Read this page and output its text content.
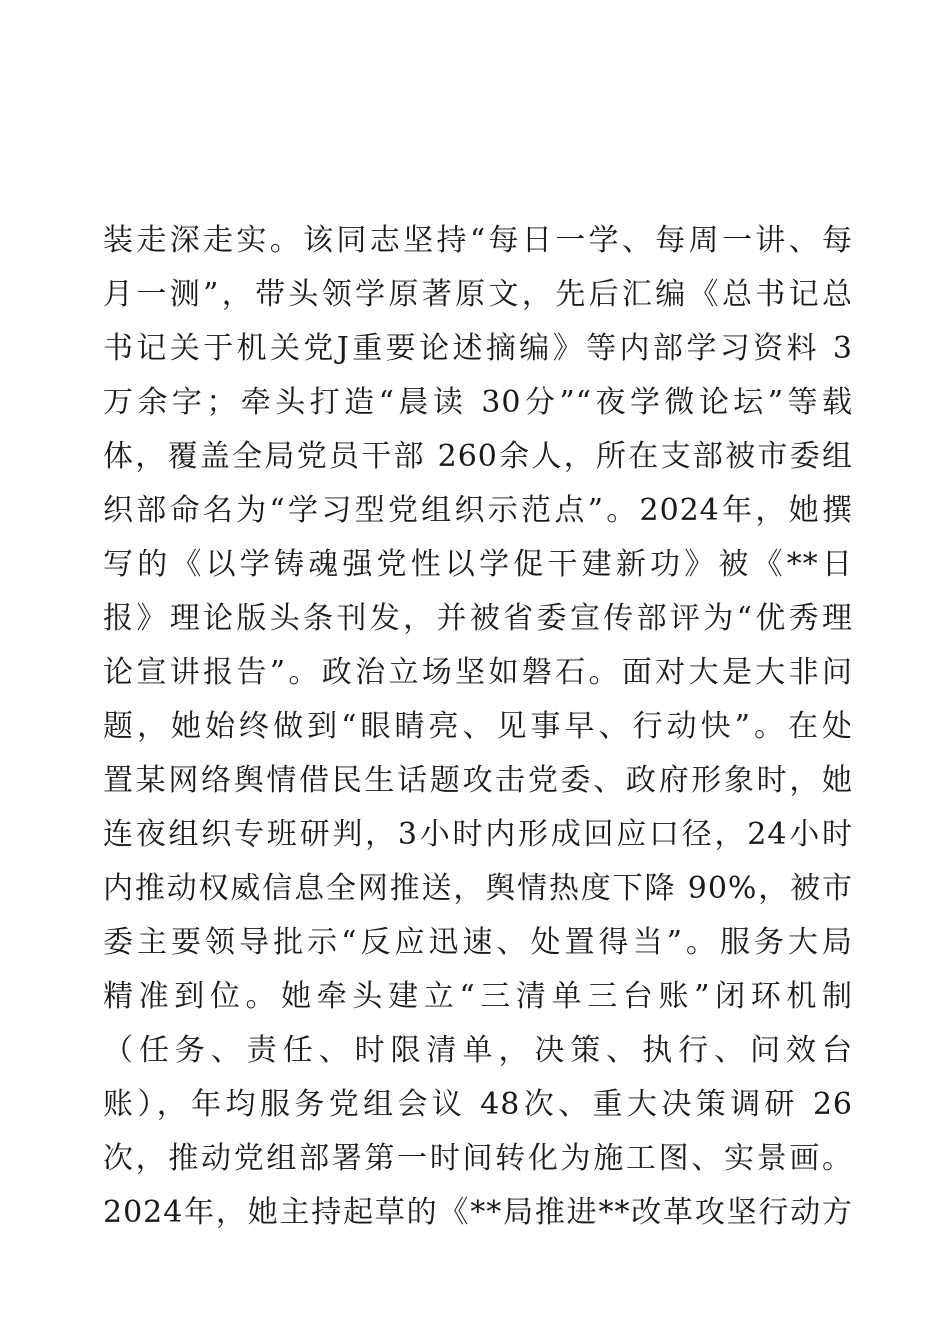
装走深走实。该同志坚持“每日一学、每周一讲、每
月一测”，带头领学原著原文，先后汇编《总书记总
书记关于机关党J重要论述摘编》等内部学习资料 3
万余字；牵头打造“晨读 30分”“夜学微论坛”等载
体，覆盖全局党员干部 260余人，所在支部被市委组
织部命名为“学习型党组织示范点”。2024年，她撰
写的《以学铸魂强党性以学促干建新功》被《**日
报》理论版头条刊发，并被省委宣传部评为“优秀理
论宣讲报告”。政治立场坚如磐石。面对大是大非问
题，她始终做到“眼睛亮、见事早、行动快”。在处
置某网络舆情借民生话题攻击党委、政府形象时，她
连夜组织专班研判，3小时内形成回应口径，24小时
内推动权威信息全网推送，舆情热度下降 90%，被市
委主要领导批示“反应迅速、处置得当”。服务大局
精准到位。她牵头建立“三清单三台账”闭环机制
（任务、责任、时限清单，决策、执行、问效台
账），年均服务党组会议 48次、重大决策调研 26
次，推动党组部署第一时间转化为施工图、实景画。
2024年，她主持起草的《**局推进**改革攻坚行动方
